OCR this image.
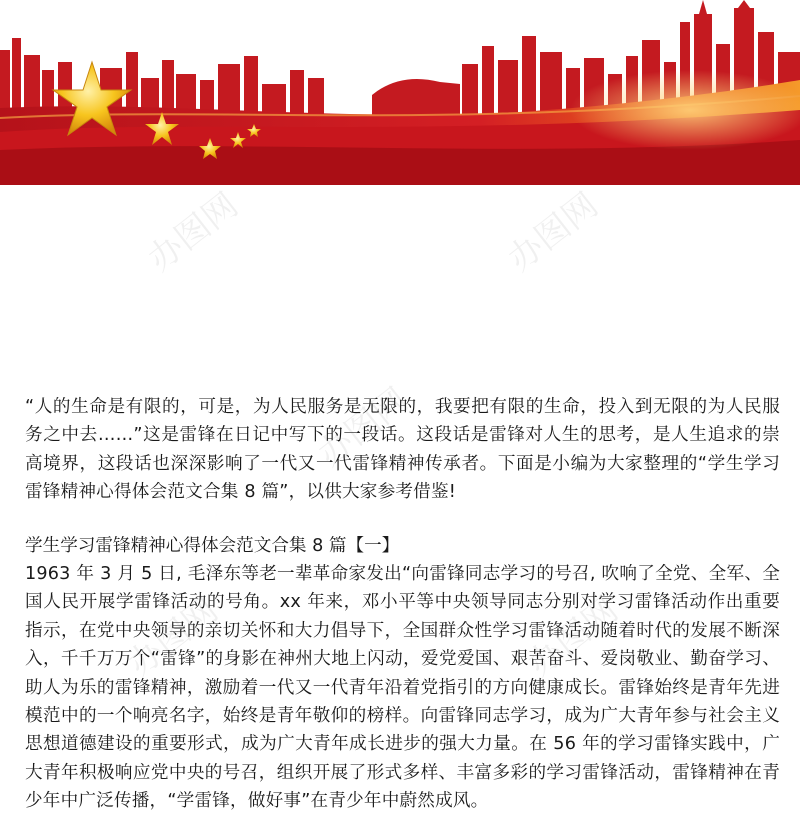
办图网	办图网
办图网
办图网	办图网

“人的生命是有限的，可是，为人民服务是无限的，我要把有限的生命，投入到无限的为人民服务之中去……”这是雷锋在日记中写下的一段话。这段话是雷锋对人生的思考，是人生追求的崇高境界，这段话也深深影响了一代又一代雷锋精神传承者。下面是小编为大家整理的“学生学习雷锋精神心得体会范文合集 8 篇”，以供大家参考借鉴!

学生学习雷锋精神心得体会范文合集 8 篇【一】

1963 年 3 月 5 日, 毛泽东等老一辈革命家发出“向雷锋同志学习的号召, 吹响了全党、全军、全国人民开展学雷锋活动的号角。xx 年来，邓小平等中央领导同志分别对学习雷锋活动作出重要指示，在党中央领导的亲切关怀和大力倡导下，全国群众性学习雷锋活动随着时代的发展不断深入，千千万万个“雷锋”的身影在神州大地上闪动，爱党爱国、艰苦奋斗、爱岗敬业、勤奋学习、助人为乐的雷锋精神，激励着一代又一代青年沿着党指引的方向健康成长。雷锋始终是青年先进模范中的一个响亮名字，始终是青年敬仰的榜样。向雷锋同志学习，成为广大青年参与社会主义思想道德建设的重要形式，成为广大青年成长进步的强大力量。在 56 年的学习雷锋实践中，广大青年积极响应党中央的号召，组织开展了形式多样、丰富多彩的学习雷锋活动，雷锋精神在青少年中广泛传播，“学雷锋，做好事”在青少年中蔚然成风。
